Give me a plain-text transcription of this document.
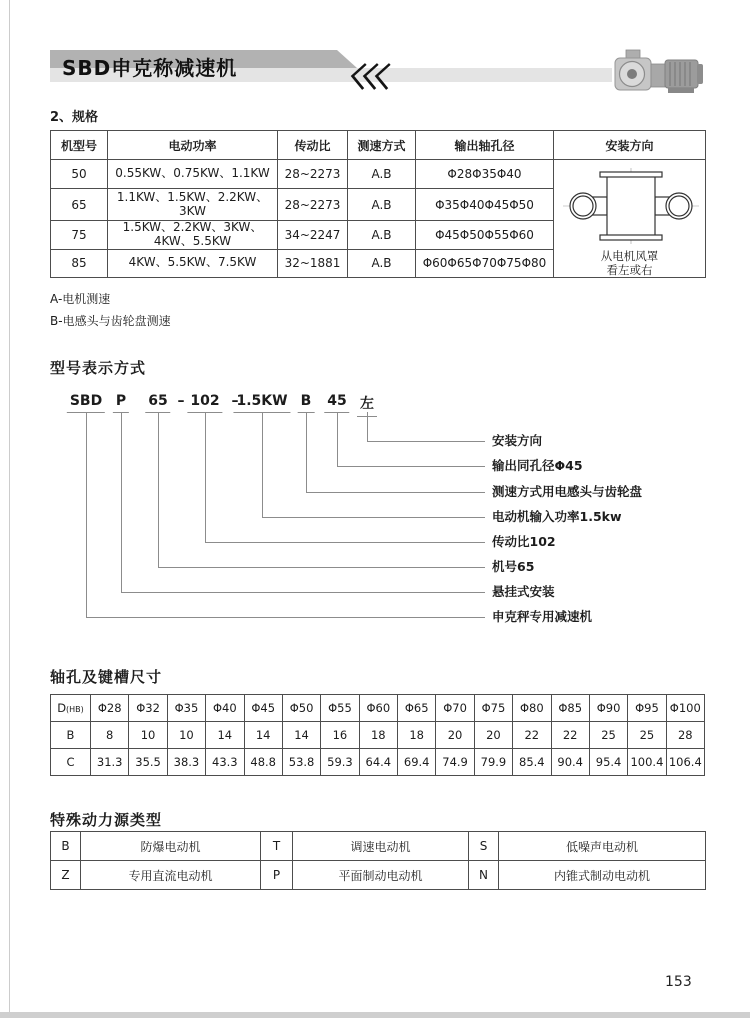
SBD申克称减速机
2、规格
机型号	电动功率	传动比	测速方式	输出轴孔径	安装方向
50	0.55KW、0.75KW、1.1KW	28~2273	A.B	Φ28Φ35Φ40	从电机风罩
看左或右

65	1.1KW、1.5KW、2.2KW、3KW	28~2273	A.B	Φ35Φ40Φ45Φ50	
75	1.5KW、2.2KW、3KW、4KW、5.5KW	34~2247	A.B	Φ45Φ50Φ55Φ60	
85	4KW、5.5KW、7.5KW	32~1881	A.B	Φ60Φ65Φ70Φ75Φ80	
A-电机测速
B-电感头与齿轮盘测速
型号表示方式
SBD P 65 – 102 –
1.5KW B 45 左
安装方向
输出同孔径Φ45
测速方式用电感头与齿轮盘
电动机输入功率1.5kw
传动比102
机号65
悬挂式安装
申克秤专用减速机
轴孔及键槽尺寸
D(HB)	Φ28	Φ32	Φ35	Φ40	Φ45	Φ50	Φ55	Φ60	Φ65	Φ70	Φ75	Φ80	Φ85	Φ90	Φ95	Φ100
B	8	10	10	14	14	14	16	18	18	20	20	22	22	25	25	28
C	31.3	35.5	38.3	43.3	48.8	53.8	59.3	64.4	69.4	74.9	79.9	85.4	90.4	95.4	100.4	106.4
特殊动力源类型
B	防爆电动机	T	调速电动机	S	低噪声电动机
Z	专用直流电动机	P	平面制动电动机	N	内锥式制动电动机
153
